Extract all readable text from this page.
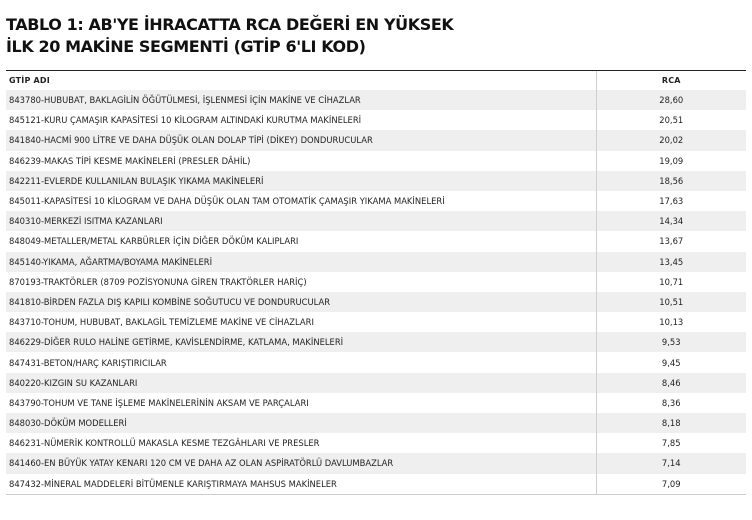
TABLO 1: AB'YE İHRACATTA RCA DEĞERİ EN YÜKSEK
İLK 20 MAKİNE SEGMENTİ (GTİP 6'LI KOD)
GTİP ADI	RCA
843780-HUBUBAT, BAKLAGİLİN ÖĞÜTÜLMESİ, İŞLENMESİ İÇİN MAKİNE VE CİHAZLAR	28,60
845121-KURU ÇAMAŞIR KAPASİTESİ 10 KİLOGRAM ALTINDAKİ KURUTMA MAKİNELERİ	20,51
841840-HACMİ 900 LİTRE VE DAHA DÜŞÜK OLAN DOLAP TİPİ (DİKEY) DONDURUCULAR	20,02
846239-MAKAS TİPİ KESME MAKİNELERİ (PRESLER DÂHİL)	19,09
842211-EVLERDE KULLANILAN BULAŞIK YIKAMA MAKİNELERİ	18,56
845011-KAPASİTESİ 10 KİLOGRAM VE DAHA DÜŞÜK OLAN TAM OTOMATİK ÇAMAŞIR YIKAMA MAKİNELERİ	17,63
840310-MERKEZİ ISITMA KAZANLARI	14,34
848049-METALLER/METAL KARBÜRLER İÇİN DİĞER DÖKÜM KALIPLARI	13,67
845140-YIKAMA, AĞARTMA/BOYAMA MAKİNELERİ	13,45
870193-TRAKTÖRLER (8709 POZİSYONUNA GİREN TRAKTÖRLER HARİÇ)	10,71
841810-BİRDEN FAZLA DIŞ KAPILI KOMBİNE SOĞUTUCU VE DONDURUCULAR	10,51
843710-TOHUM, HUBUBAT, BAKLAGİL TEMİZLEME MAKİNE VE CİHAZLARI	10,13
846229-DİĞER RULO HALİNE GETİRME, KAVİSLENDİRME, KATLAMA, MAKİNELERİ	9,53
847431-BETON/HARÇ KARIŞTIRICILAR	9,45
840220-KIZGIN SU KAZANLARI	8,46
843790-TOHUM VE TANE İŞLEME MAKİNELERİNİN AKSAM VE PARÇALARI	8,36
848030-DÖKÜM MODELLERİ	8,18
846231-NÜMERİK KONTROLLÜ MAKASLA KESME TEZGÂHLARI VE PRESLER	7,85
841460-EN BÜYÜK YATAY KENARI 120 CM VE DAHA AZ OLAN ASPİRATÖRLÜ DAVLUMBAZLAR	7,14
847432-MİNERAL MADDELERİ BİTÜMENLE KARIŞTIRMAYA MAHSUS MAKİNELER	7,09
